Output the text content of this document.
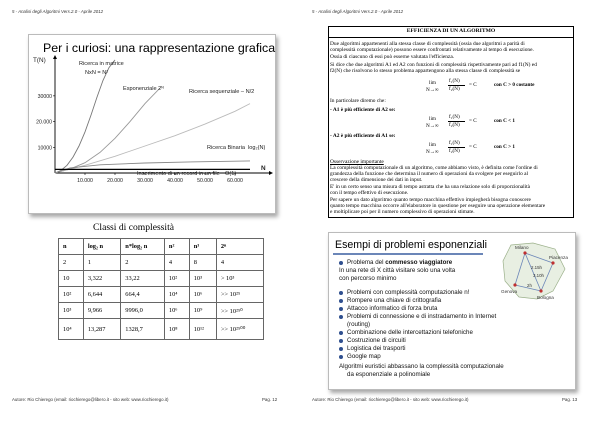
5 - Analisi degli Algoritmi Vers.2.0 - Aprile 2012
Per i curiosi: una rappresentazione grafica
10.000	20.000	30.000	40.000	50.000	60.000
10000
20.000
30000
T(N)
N
Ricerca in matrice
NxN = N²
Esponenziale 2ᴺ	Ricerca sequenziale – N/2
Ricerca Binaria log₂(N)
Inserimento di un record in un file O(1)
Classi di complessità
n	log₂ n	n*log₂ n	n²	n³	2ⁿ
2	1	2	4	8	4
10	3,322	33,22	10²	10³	> 10³
10²	6,644	664,4	10⁴	10⁶	>> 10²⁵
10³	9,966	9996,0	10⁶	10⁹	>> 10²⁵⁰
10⁴	13,287	1328,7	10⁸	10¹²	>> 10²⁵⁰⁰
Autore: Rio Chierego (email: riochierego@libero.it - sito web: www.riochierego.it)	Pag. 12
5 - Analisi degli Algoritmi Vers.2.0 - Aprile 2012
EFFICIENZA DI UN ALGORITMO
Due algoritmi appartenenti alla stessa classe di complessità (ossia due algoritmi a parità di
complessità computazionale) possono essere confrontati relativamente al tempo di esecuzione.
Ossia di ciascuno di essi può esserne valutata l'efficienza.
Si dice che due algoritmi A1 ed A2 con funzioni di complessità rispettivamente pari ad f1(N) ed
f2(N) che risolvono lo stesso problema appartengono alla stessa classe di complessità se
lim
N→∞
f₁(N)
f₂(N)
= C	con C > 0 costante
In particolare diremo che:
- A1 è più efficiente di A2 se:
lim
N→∞
f₁(N)
f₂(N)
= C	con C < 1
- A2 è più efficiente di A1 se:
lim
N→∞
f₁(N)
f₂(N)
= C	con C > 1
Osservazione importante
La complessità computazionale di un algoritmo, come abbiamo visto, è definita come l'ordine di
grandezza della funzione che determina il numero di operazioni da svolgere per eseguirlo al
crescere della dimensione dei dati in input.
E' in un certo senso una misura di tempo astratta che ha una relazione solo di proporzionalità
con il tempo effettivo di esecuzione.
Per sapere un dato algoritmo quanto tempo macchina effettivo impiegherà bisogna conoscere
quanto tempo macchina occorre all'elaboratore in questione per eseguire una operazione elementare
e moltiplicare poi per il numero complessivo di operazioni stimate.
Esempi di problemi esponenziali	Milano
Piacenza
Genova
Bologna
2.15h
3.10h
2h
Problema del commesso viaggiatore
In una rete di X città visitare solo una volta
con percorso minimo
Problemi con complessità computazionale n!
Rompere una chiave di crittografia
Attacco informatico di forza bruta
Problemi di connessione e di instradamento in Internet
(routing)
Combinazione delle intercettazioni telefoniche
Costruzione di circuiti
Logistica dei trasporti
Google map
Algoritmi euristici abbassano la complessità computazionale
da esponenziale a polinomiale
Autore: Rio Chierego (email: riochierego@libero.it - sito web: www.riochierego.it)	Pag. 13
